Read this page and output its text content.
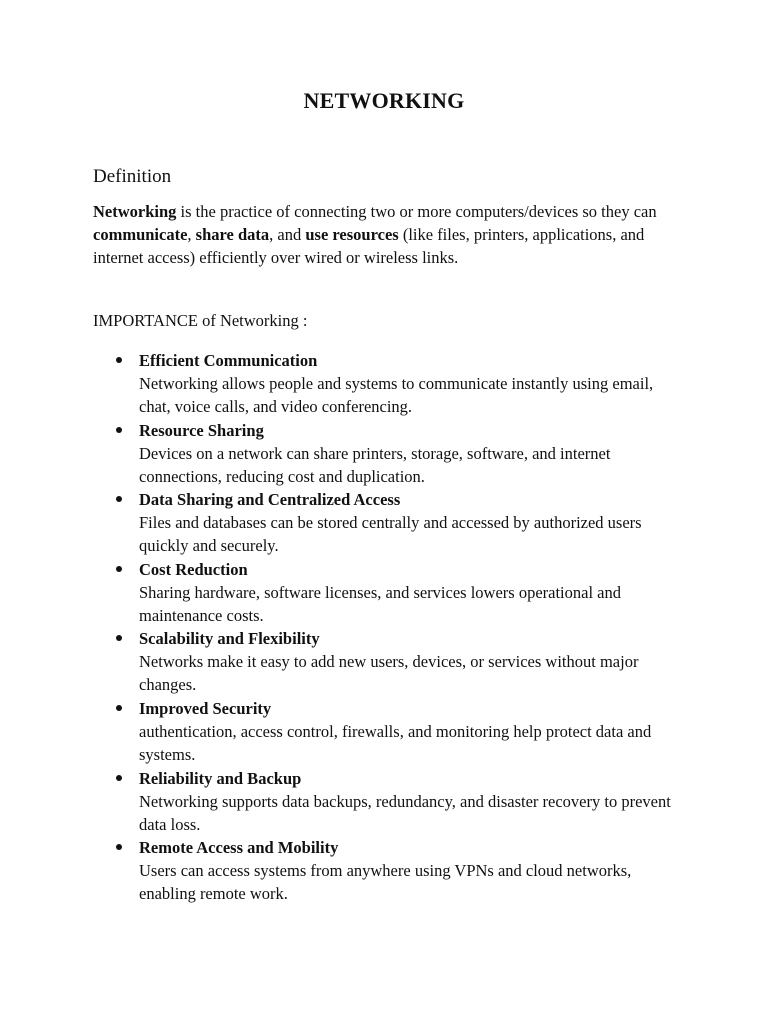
NETWORKING
Definition
Networking is the practice of connecting two or more computers/devices so they can communicate, share data, and use resources (like files, printers, applications, and internet access) efficiently over wired or wireless links.
IMPORTANCE of Networking :
Efficient Communication
Networking allows people and systems to communicate instantly using email, chat, voice calls, and video conferencing.
Resource Sharing
Devices on a network can share printers, storage, software, and internet connections, reducing cost and duplication.
Data Sharing and Centralized Access
Files and databases can be stored centrally and accessed by authorized users quickly and securely.
Cost Reduction
Sharing hardware, software licenses, and services lowers operational and maintenance costs.
Scalability and Flexibility
Networks make it easy to add new users, devices, or services without major changes.
Improved Security
authentication, access control, firewalls, and monitoring help protect data and systems.
Reliability and Backup
Networking supports data backups, redundancy, and disaster recovery to prevent data loss.
Remote Access and Mobility
Users can access systems from anywhere using VPNs and cloud networks, enabling remote work.
